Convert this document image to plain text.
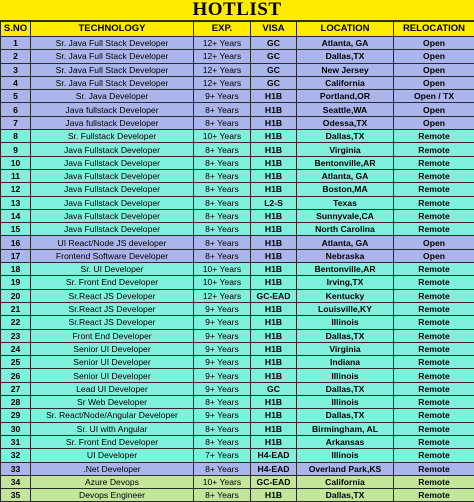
HOTLIST
S.NO	TECHNOLOGY	EXP.	VISA	LOCATION	RELOCATION
1	Sr. Java Full Stack Developer	12+ Years	GC	Atlanta, GA	Open
2	Sr. Java Full Stack Developer	12+ Years	GC	Dallas,TX	Open
3	Sr. Java Full Stack Developer	12+ Years	GC	New Jersey	Open
4	Sr. Java Full Stack Developer	12+ Years	GC	California	Open
5	Sr. Java Developer	9+ Years	H1B	Portland,OR	Open / TX
6	Java fullstack Developer	8+ Years	H1B	Seattle,WA	Open
7	Java fullstack Developer	8+ Years	H1B	Odessa,TX	Open
8	Sr. Fullstack Developer	10+ Years	H1B	Dallas,TX	Remote
9	Java Fullstack Developer	8+ Years	H1B	Virginia	Remote
10	Java Fullstack Developer	8+ Years	H1B	Bentonville,AR	Remote
11	Java Fullstack Developer	8+ Years	H1B	Atlanta, GA	Remote
12	Java Fullstack Developer	8+ Years	H1B	Boston,MA	Remote
13	Java Fullstack Developer	8+ Years	L2-S	Texas	Remote
14	Java Fullstack Developer	8+ Years	H1B	Sunnyvale,CA	Remote
15	Java Fullstack Developer	8+ Years	H1B	North Carolina	Remote
16	UI React/Node JS developer	8+ Years	H1B	Atlanta, GA	Open
17	Frontend Software Developer	8+ Years	H1B	Nebraska	Open
18	Sr. UI Developer	10+ Years	H1B	Bentonville,AR	Remote
19	Sr. Front End Developer	10+ Years	H1B	Irving,TX	Remote
20	Sr.React JS Developer	12+ Years	GC-EAD	Kentucky	Remote
21	Sr.React JS Developer	9+ Years	H1B	Louisville,KY	Remote
22	Sr.React JS Developer	9+ Years	H1B	Illinois	Remote
23	Front End Developer	9+ Years	H1B	Dallas,TX	Remote
24	Senior UI Developer	9+ Years	H1B	Virginia	Remote
25	Senior UI Developer	9+ Years	H1B	Indiana	Remote
26	Senior UI Developer	9+ Years	H1B	Illinois	Remote
27	Lead UI Developer	9+ Years	GC	Dallas,TX	Remote
28	Sr Web Developer	8+ Years	H1B	Illinois	Remote
29	Sr. React/Node/Angular Developer	9+ Years	H1B	Dallas,TX	Remote
30	Sr. UI with Angular	8+ Years	H1B	Birmingham, AL	Remote
31	Sr. Front End Developer	8+ Years	H1B	Arkansas	Remote
32	UI Developer	7+ Years	H4-EAD	Illinois	Remote
33	.Net Developer	8+ Years	H4-EAD	Overland Park,KS	Remote
34	Azure Devops	10+ Years	GC-EAD	California	Remote
35	Devops Engineer	8+ Years	H1B	Dallas,TX	Remote
